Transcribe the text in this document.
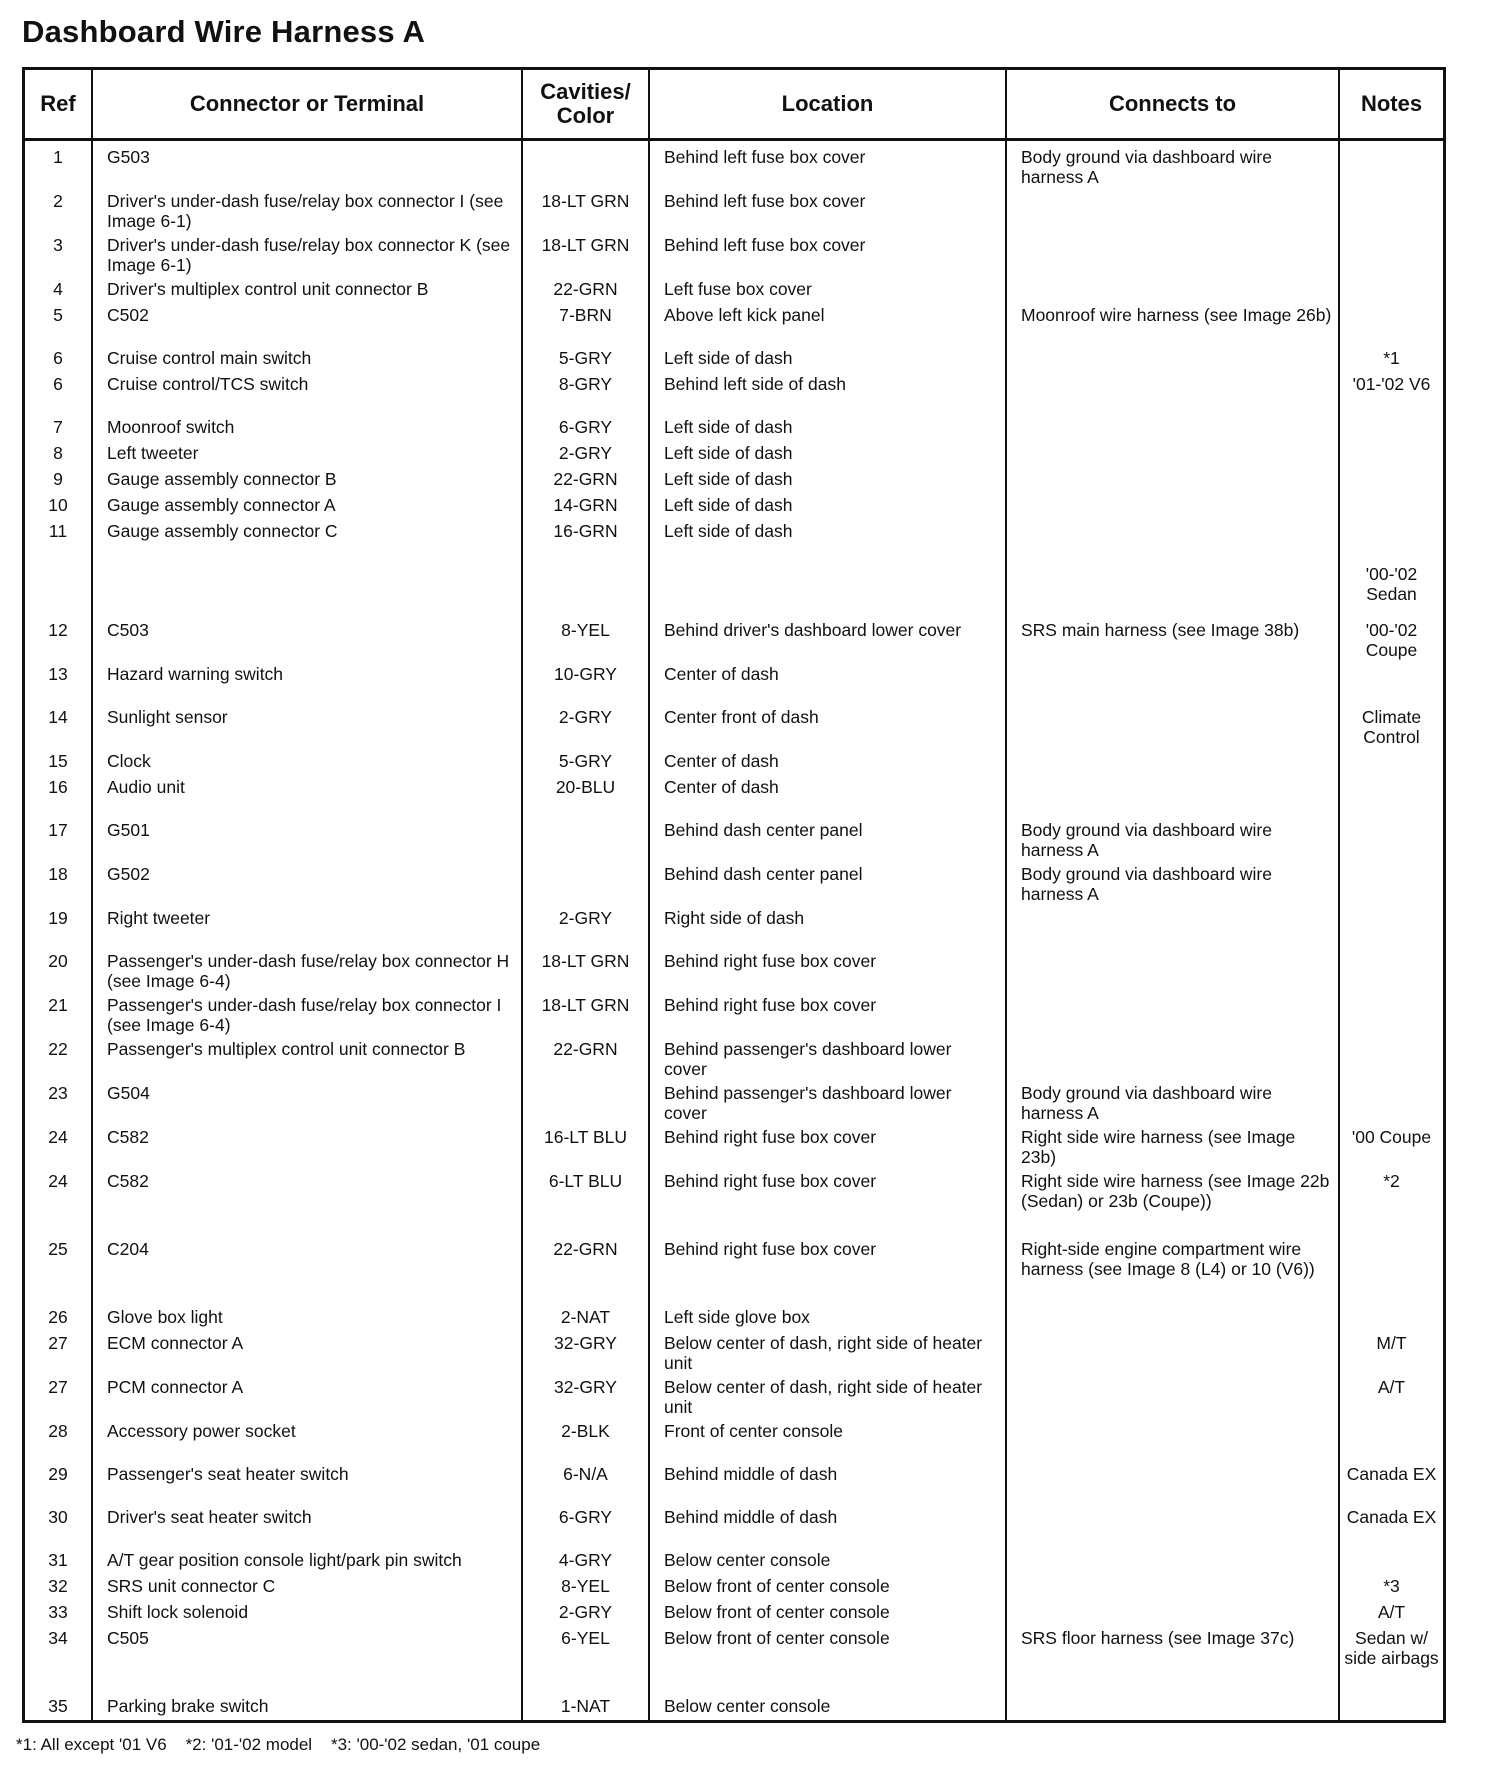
Dashboard Wire Harness A
Ref	Connector or Terminal	Cavities/ Color	Location	Connects to	Notes
1	G503		Behind left fuse box cover	Body ground via dashboard wire harness A	
2	Driver's under-dash fuse/relay box connector I (see Image 6-1)	18-LT GRN	Behind left fuse box cover		
3	Driver's under-dash fuse/relay box connector K (see Image 6-1)	18-LT GRN	Behind left fuse box cover		
4	Driver's multiplex control unit connector B	22-GRN	Left fuse box cover		
5	C502	7-BRN	Above left kick panel	Moonroof wire harness (see Image 26b)	
6	Cruise control main switch	5-GRY	Left side of dash		*1
6	Cruise control/TCS switch	8-GRY	Behind left side of dash		'01-'02 V6
7	Moonroof switch	6-GRY	Left side of dash		
8	Left tweeter	2-GRY	Left side of dash		
9	Gauge assembly connector B	22-GRN	Left side of dash		
10	Gauge assembly connector A	14-GRN	Left side of dash		
11	Gauge assembly connector C	16-GRN	Left side of dash		
					'00-'02 Sedan
12	C503	8-YEL	Behind driver's dashboard lower cover	SRS main harness (see Image 38b)	'00-'02 Coupe
13	Hazard warning switch	10-GRY	Center of dash		
14	Sunlight sensor	2-GRY	Center front of dash		Climate Control
15	Clock	5-GRY	Center of dash		
16	Audio unit	20-BLU	Center of dash		
17	G501		Behind dash center panel	Body ground via dashboard wire harness A	
18	G502		Behind dash center panel	Body ground via dashboard wire harness A	
19	Right tweeter	2-GRY	Right side of dash		
20	Passenger's under-dash fuse/relay box connector H (see Image 6-4)	18-LT GRN	Behind right fuse box cover		
21	Passenger's under-dash fuse/relay box connector I (see Image 6-4)	18-LT GRN	Behind right fuse box cover		
22	Passenger's multiplex control unit connector B	22-GRN	Behind passenger's dashboard lower cover		
23	G504		Behind passenger's dashboard lower cover	Body ground via dashboard wire harness A	
24	C582	16-LT BLU	Behind right fuse box cover	Right side wire harness (see Image 23b)	'00 Coupe
24	C582	6-LT BLU	Behind right fuse box cover	Right side wire harness (see Image 22b (Sedan) or 23b (Coupe))	*2
25	C204	22-GRN	Behind right fuse box cover	Right-side engine compartment wire harness (see Image 8 (L4) or 10 (V6))	
26	Glove box light	2-NAT	Left side glove box		
27	ECM connector A	32-GRY	Below center of dash, right side of heater unit		M/T
27	PCM connector A	32-GRY	Below center of dash, right side of heater unit		A/T
28	Accessory power socket	2-BLK	Front of center console		
29	Passenger's seat heater switch	6-N/A	Behind middle of dash		Canada EX
30	Driver's seat heater switch	6-GRY	Behind middle of dash		Canada EX
31	A/T gear position console light/park pin switch	4-GRY	Below center console		
32	SRS unit connector C	8-YEL	Below front of center console		*3
33	Shift lock solenoid	2-GRY	Below front of center console		A/T
34	C505	6-YEL	Below front of center console	SRS floor harness (see Image 37c)	Sedan w/ side airbags
35	Parking brake switch	1-NAT	Below center console		
*1: All except '01 V6    *2: '01-'02 model    *3: '00-'02 sedan, '01 coupe
